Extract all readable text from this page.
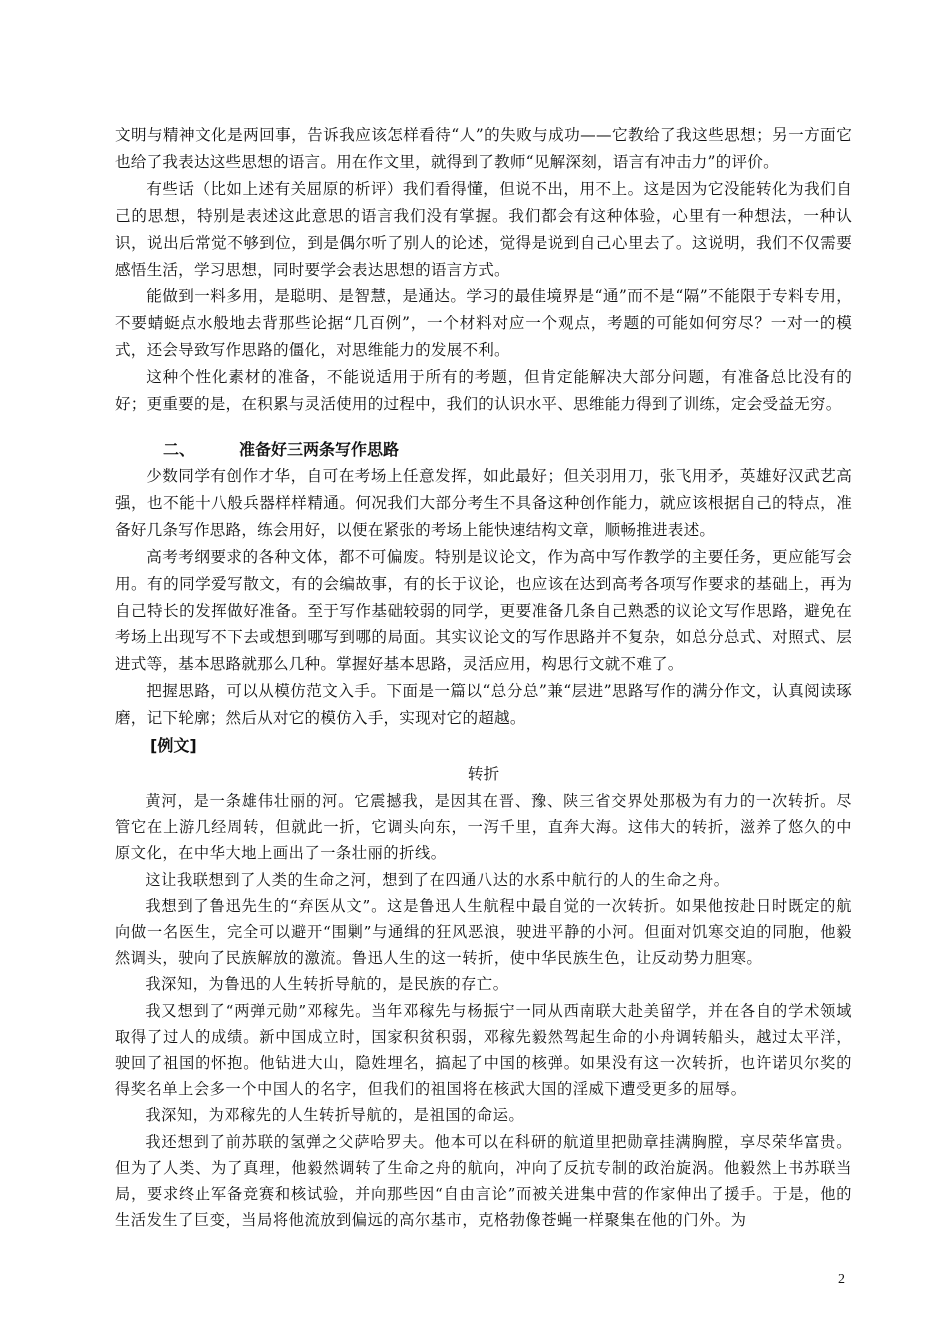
文明与精神文化是两回事，告诉我应该怎样看待“人”的失败与成功——它教给了我这些思想；另一方面它也给了我表达这些思想的语言。用在作文里，就得到了教师“见解深刻，语言有冲击力”的评价。

有些话（比如上述有关屈原的析评）我们看得懂，但说不出，用不上。这是因为它没能转化为我们自己的思想，特别是表述这此意思的语言我们没有掌握。我们都会有这种体验，心里有一种想法，一种认识，说出后常觉不够到位，到是偶尔听了别人的论述，觉得是说到自己心里去了。这说明，我们不仅需要感悟生活，学习思想，同时要学会表达思想的语言方式。

能做到一料多用，是聪明、是智慧，是通达。学习的最佳境界是“通”而不是“隔”不能限于专料专用，不要蜻蜓点水般地去背那些论据“几百例”，一个材料对应一个观点，考题的可能如何穷尽？一对一的模式，还会导致写作思路的僵化，对思维能力的发展不利。

这种个性化素材的准备，不能说适用于所有的考题，但肯定能解决大部分问题，有准备总比没有的好；更重要的是，在积累与灵活使用的过程中，我们的认识水平、思维能力得到了训练，定会受益无穷。

二、	准备好三两条写作思路

少数同学有创作才华，自可在考场上任意发挥，如此最好；但关羽用刀，张飞用矛，英雄好汉武艺高强，也不能十八般兵器样样精通。何况我们大部分考生不具备这种创作能力，就应该根据自己的特点，准备好几条写作思路，练会用好，以便在紧张的考场上能快速结构文章，顺畅推进表述。

高考考纲要求的各种文体，都不可偏废。特别是议论文，作为高中写作教学的主要任务，更应能写会用。有的同学爱写散文，有的会编故事，有的长于议论，也应该在达到高考各项写作要求的基础上，再为自己特长的发挥做好准备。至于写作基础较弱的同学，更要准备几条自己熟悉的议论文写作思路，避免在考场上出现写不下去或想到哪写到哪的局面。其实议论文的写作思路并不复杂，如总分总式、对照式、层进式等，基本思路就那么几种。掌握好基本思路，灵活应用，构思行文就不难了。

把握思路，可以从模仿范文入手。下面是一篇以“总分总”兼“层进”思路写作的满分作文，认真阅读琢磨，记下轮廓；然后从对它的模仿入手，实现对它的超越。

[例文]

转折

黄河，是一条雄伟壮丽的河。它震撼我，是因其在晋、豫、陕三省交界处那极为有力的一次转折。尽管它在上游几经周转，但就此一折，它调头向东，一泻千里，直奔大海。这伟大的转折，滋养了悠久的中原文化，在中华大地上画出了一条壮丽的折线。

这让我联想到了人类的生命之河，想到了在四通八达的水系中航行的人的生命之舟。

我想到了鲁迅先生的“弃医从文”。这是鲁迅人生航程中最自觉的一次转折。如果他按赴日时既定的航向做一名医生，完全可以避开“围剿”与通缉的狂风恶浪，驶进平静的小河。但面对饥寒交迫的同胞，他毅然调头，驶向了民族解放的激流。鲁迅人生的这一转折，使中华民族生色，让反动势力胆寒。

我深知，为鲁迅的人生转折导航的，是民族的存亡。

我又想到了“两弹元勋”邓稼先。当年邓稼先与杨振宁一同从西南联大赴美留学，并在各自的学术领域取得了过人的成绩。新中国成立时，国家积贫积弱，邓稼先毅然驾起生命的小舟调转船头，越过太平洋，驶回了祖国的怀抱。他钻进大山，隐姓埋名，搞起了中国的核弹。如果没有这一次转折，也许诺贝尔奖的得奖名单上会多一个中国人的名字，但我们的祖国将在核武大国的淫威下遭受更多的屈辱。

我深知，为邓稼先的人生转折导航的，是祖国的命运。

我还想到了前苏联的氢弹之父萨哈罗夫。他本可以在科研的航道里把勋章挂满胸膛，享尽荣华富贵。但为了人类、为了真理，他毅然调转了生命之舟的航向，冲向了反抗专制的政治旋涡。他毅然上书苏联当局，要求终止军备竞赛和核试验，并向那些因“自由言论”而被关进集中营的作家伸出了援手。于是，他的生活发生了巨变，当局将他流放到偏远的高尔基市，克格勃像苍蝇一样聚集在他的门外。为

2
